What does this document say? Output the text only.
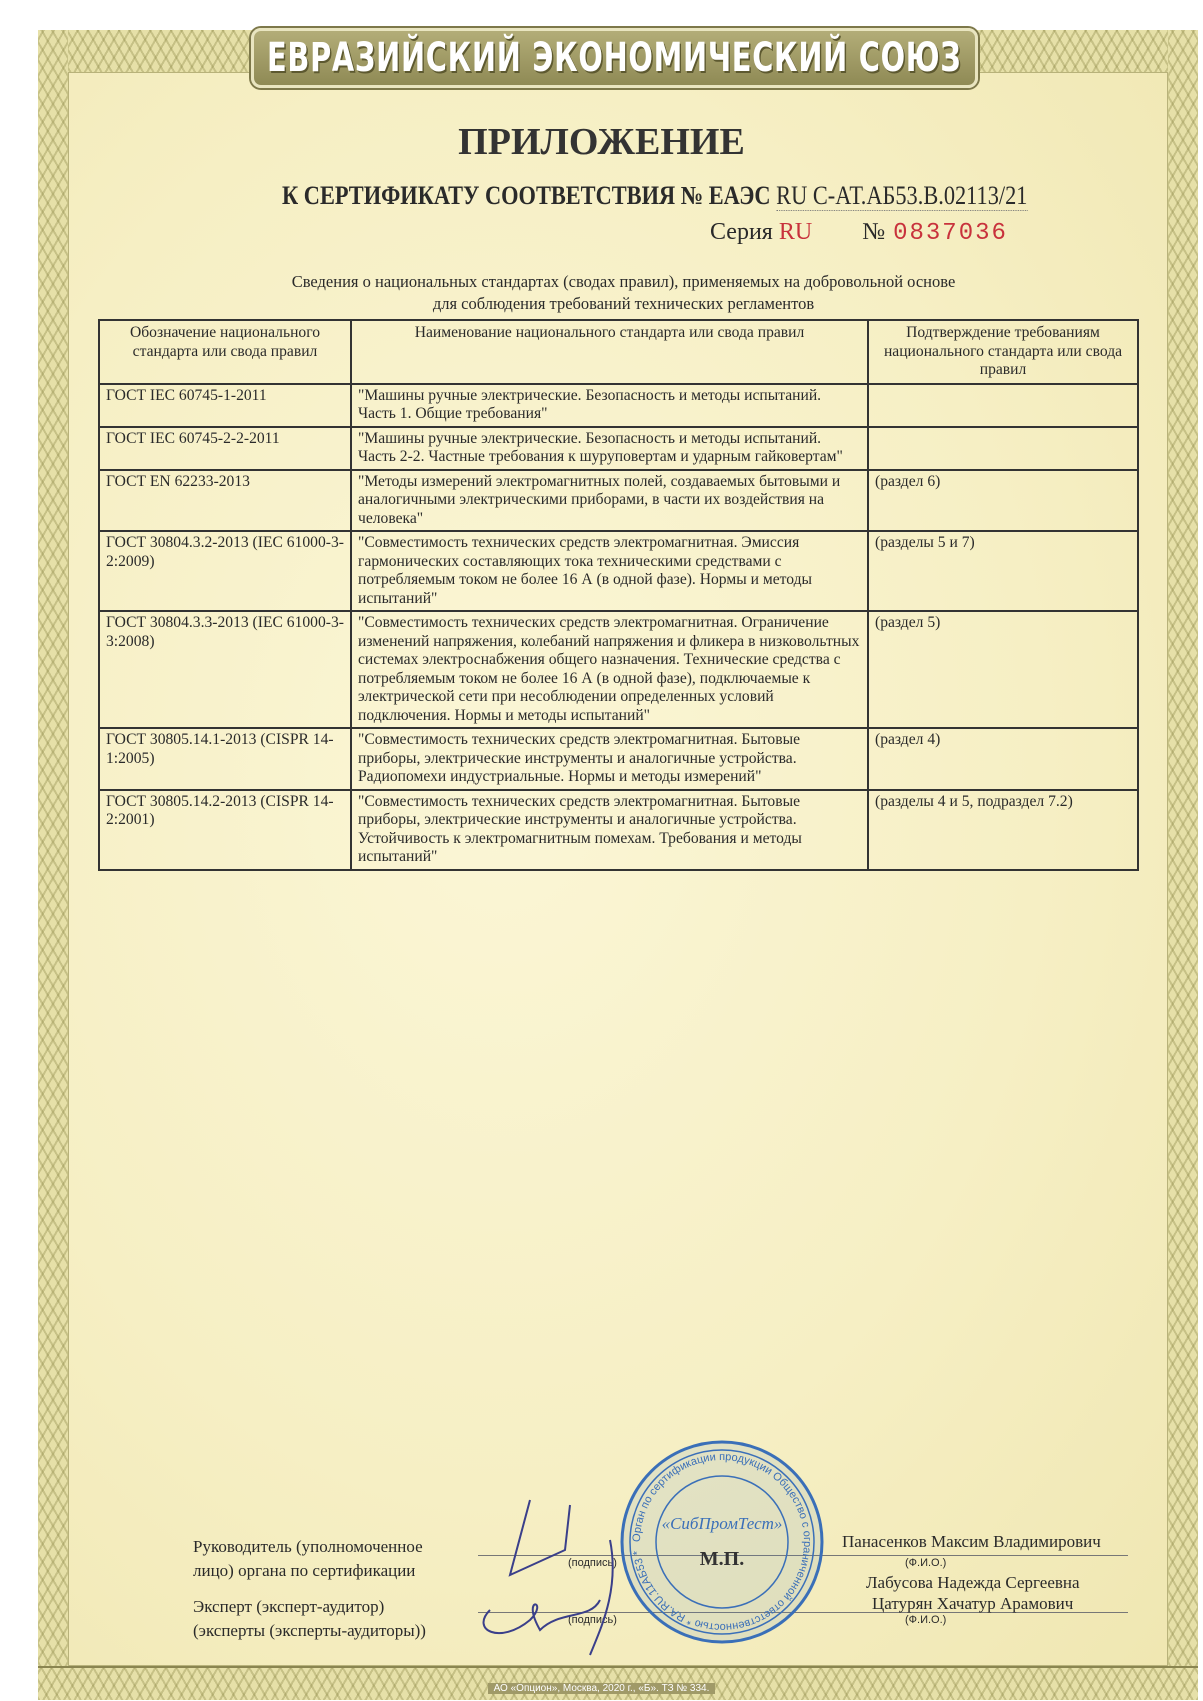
ЕВРАЗИЙСКИЙ ЭКОНОМИЧЕСКИЙ СОЮЗ
ПРИЛОЖЕНИЕ
К СЕРТИФИКАТУ СООТВЕТСТВИЯ № ЕАЭС RU С-АТ.АБ53.В.02113/21
Серия RU № 0837036
Сведения о национальных стандартах (сводах правил), применяемых на добровольной основе
для соблюдения требований технических регламентов
Обозначение национального стандарта или свода правил	Наименование национального стандарта или свода правил	Подтверждение требованиям национального стандарта или свода правил
ГОСТ IEC 60745-1-2011	"Машины ручные электрические. Безопасность и методы испытаний. Часть 1. Общие требования"	
ГОСТ IEC 60745-2-2-2011	"Машины ручные электрические. Безопасность и методы испытаний. Часть 2-2. Частные требования к шуруповертам и ударным гайковертам"	
ГОСТ EN 62233-2013	"Методы измерений электромагнитных полей, создаваемых бытовыми и аналогичными электрическими приборами, в части их воздействия на человека"	(раздел 6)
ГОСТ 30804.3.2-2013 (IEC 61000-3-2:2009)	"Совместимость технических средств электромагнитная. Эмиссия гармонических составляющих тока техническими средствами с потребляемым током не более 16 А (в одной фазе). Нормы и методы испытаний"	(разделы 5 и 7)
ГОСТ 30804.3.3-2013 (IEC 61000-3-3:2008)	"Совместимость технических средств электромагнитная. Ограничение изменений напряжения, колебаний напряжения и фликера в низковольтных системах электроснабжения общего назначения. Технические средства с потребляемым током не более 16 А (в одной фазе), подключаемые к электрической сети при несоблюдении определенных условий подключения. Нормы и методы испытаний"	(раздел 5)
ГОСТ 30805.14.1-2013 (CISPR 14-1:2005)	"Совместимость технических средств электромагнитная. Бытовые приборы, электрические инструменты и аналогичные устройства. Радиопомехи индустриальные. Нормы и методы измерений"	(раздел 4)
ГОСТ 30805.14.2-2013 (CISPR 14-2:2001)	"Совместимость технических средств электромагнитная. Бытовые приборы, электрические инструменты и аналогичные устройства. Устойчивость к электромагнитным помехам. Требования и методы испытаний"	(разделы 4 и 5, подраздел 7.2)
Руководитель (уполномоченное
лицо) органа по сертификации
Эксперт (эксперт-аудитор)
(эксперты (эксперты-аудиторы))
(подпись)
(подпись)
Панасенков Максим Владимирович
(Ф.И.О.)
Лабусова Надежда Сергеевна
Цатурян Хачатур Арамович
(Ф.И.О.)
Орган по сертификации продукции Общество с ограниченной ответственностью * RA.RU.11АБ53 *
«СибПромТест»
М.П.
АО «Опцион», Москва, 2020 г., «Б». ТЗ № 334.
